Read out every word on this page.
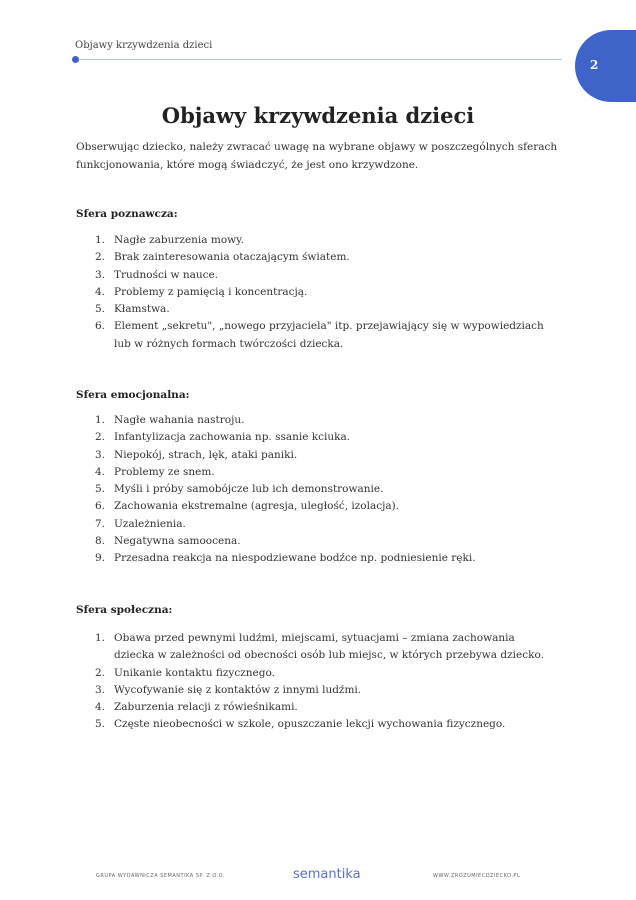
Objawy krzywdzenia dzieci
2
Objawy krzywdzenia dzieci
Obserwując dziecko, należy zwracać uwagę na wybrane objawy w poszczególnych sferach funkcjonowania, które mogą świadczyć, że jest ono krzywdzone.
Sfera poznawcza:
1. Nagłe zaburzenia mowy.
2. Brak zainteresowania otaczającym światem.
3. Trudności w nauce.
4. Problemy z pamięcią i koncentracją.
5. Kłamstwa.
6. Element „sekretu", „nowego przyjaciela" itp. przejawiający się w wypowiedziach lub w różnych formach twórczości dziecka.
Sfera emocjonalna:
1. Nagłe wahania nastroju.
2. Infantylizacja zachowania np. ssanie kciuka.
3. Niepokój, strach, lęk, ataki paniki.
4. Problemy ze snem.
5. Myśli i próby samobójcze lub ich demonstrowanie.
6. Zachowania ekstremalne (agresja, uległość, izolacja).
7. Uzależnienia.
8. Negatywna samoocena.
9. Przesadna reakcja na niespodziewane bodźce np. podniesienie ręki.
Sfera społeczna:
1. Obawa przed pewnymi ludźmi, miejscami, sytuacjami – zmiana zachowania dziecka w zależności od obecności osób lub miejsc, w których przebywa dziecko.
2. Unikanie kontaktu fizycznego.
3. Wycofywanie się z kontaktów z innymi ludźmi.
4. Zaburzenia relacji z rówieśnikami.
5. Częste nieobecności w szkole, opuszczanie lekcji wychowania fizycznego.
GRUPA WYDAWNICZA SEMANTIKA SP. Z O.O.	semantika	WWW.ZROZUMIECDZIECKO.PL
